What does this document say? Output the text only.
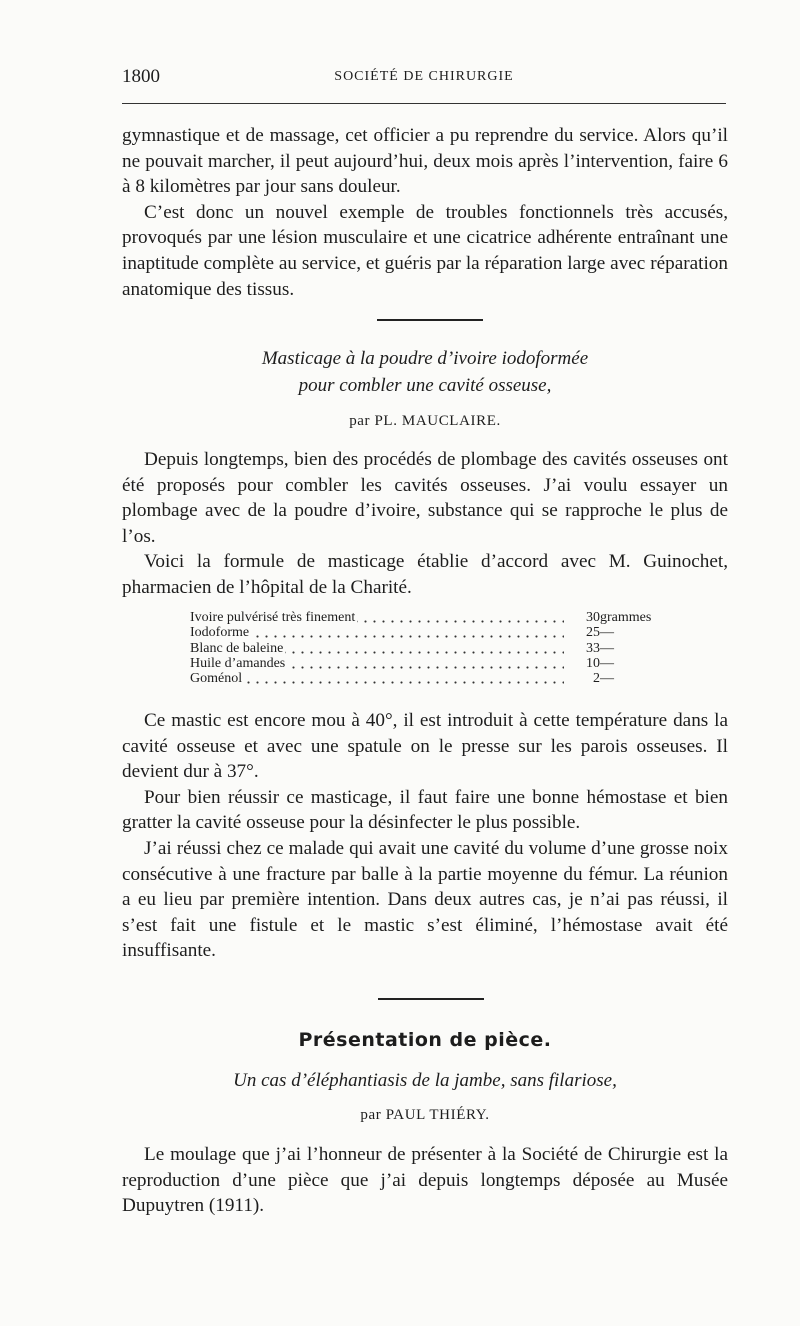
1800	SOCIÉTÉ DE CHIRURGIE

gymnastique et de massage, cet officier a pu reprendre du service. Alors qu’il ne pouvait marcher, il peut aujourd’hui, deux mois après l’intervention, faire 6 à 8 kilomètres par jour sans douleur.

C’est donc un nouvel exemple de troubles fonctionnels très accusés, provoqués par une lésion musculaire et une cicatrice adhérente entraînant une inaptitude complète au service, et guéris par la réparation large avec réparation anatomique des tissus.

Masticage à la poudre d’ivoire iodoformée
pour combler une cavité osseuse,
par PL. MAUCLAIRE.

Depuis longtemps, bien des procédés de plombage des cavités osseuses ont été proposés pour combler les cavités osseuses. J’ai voulu essayer un plombage avec de la poudre d’ivoire, substance qui se rapproche le plus de l’os.

Voici la formule de masticage établie d’accord avec M. Guinochet, pharmacien de l’hôpital de la Charité.

Ivoire pulvérisé très finement	30	grammes
Iodoforme	25	—
Blanc de baleine	33	—
Huile d’amandes	10	—
Goménol	2	—

Ce mastic est encore mou à 40°, il est introduit à cette température dans la cavité osseuse et avec une spatule on le presse sur les parois osseuses. Il devient dur à 37°.

Pour bien réussir ce masticage, il faut faire une bonne hémostase et bien gratter la cavité osseuse pour la désinfecter le plus possible.

J’ai réussi chez ce malade qui avait une cavité du volume d’une grosse noix consécutive à une fracture par balle à la partie moyenne du fémur. La réunion a eu lieu par première intention. Dans deux autres cas, je n’ai pas réussi, il s’est fait une fistule et le mastic s’est éliminé, l’hémostase avait été insuffisante.

Présentation de pièce.
Un cas d’éléphantiasis de la jambe, sans filariose,
par PAUL THIÉRY.

Le moulage que j’ai l’honneur de présenter à la Société de Chirurgie est la reproduction d’une pièce que j’ai depuis longtemps déposée au Musée Dupuytren (1911).
